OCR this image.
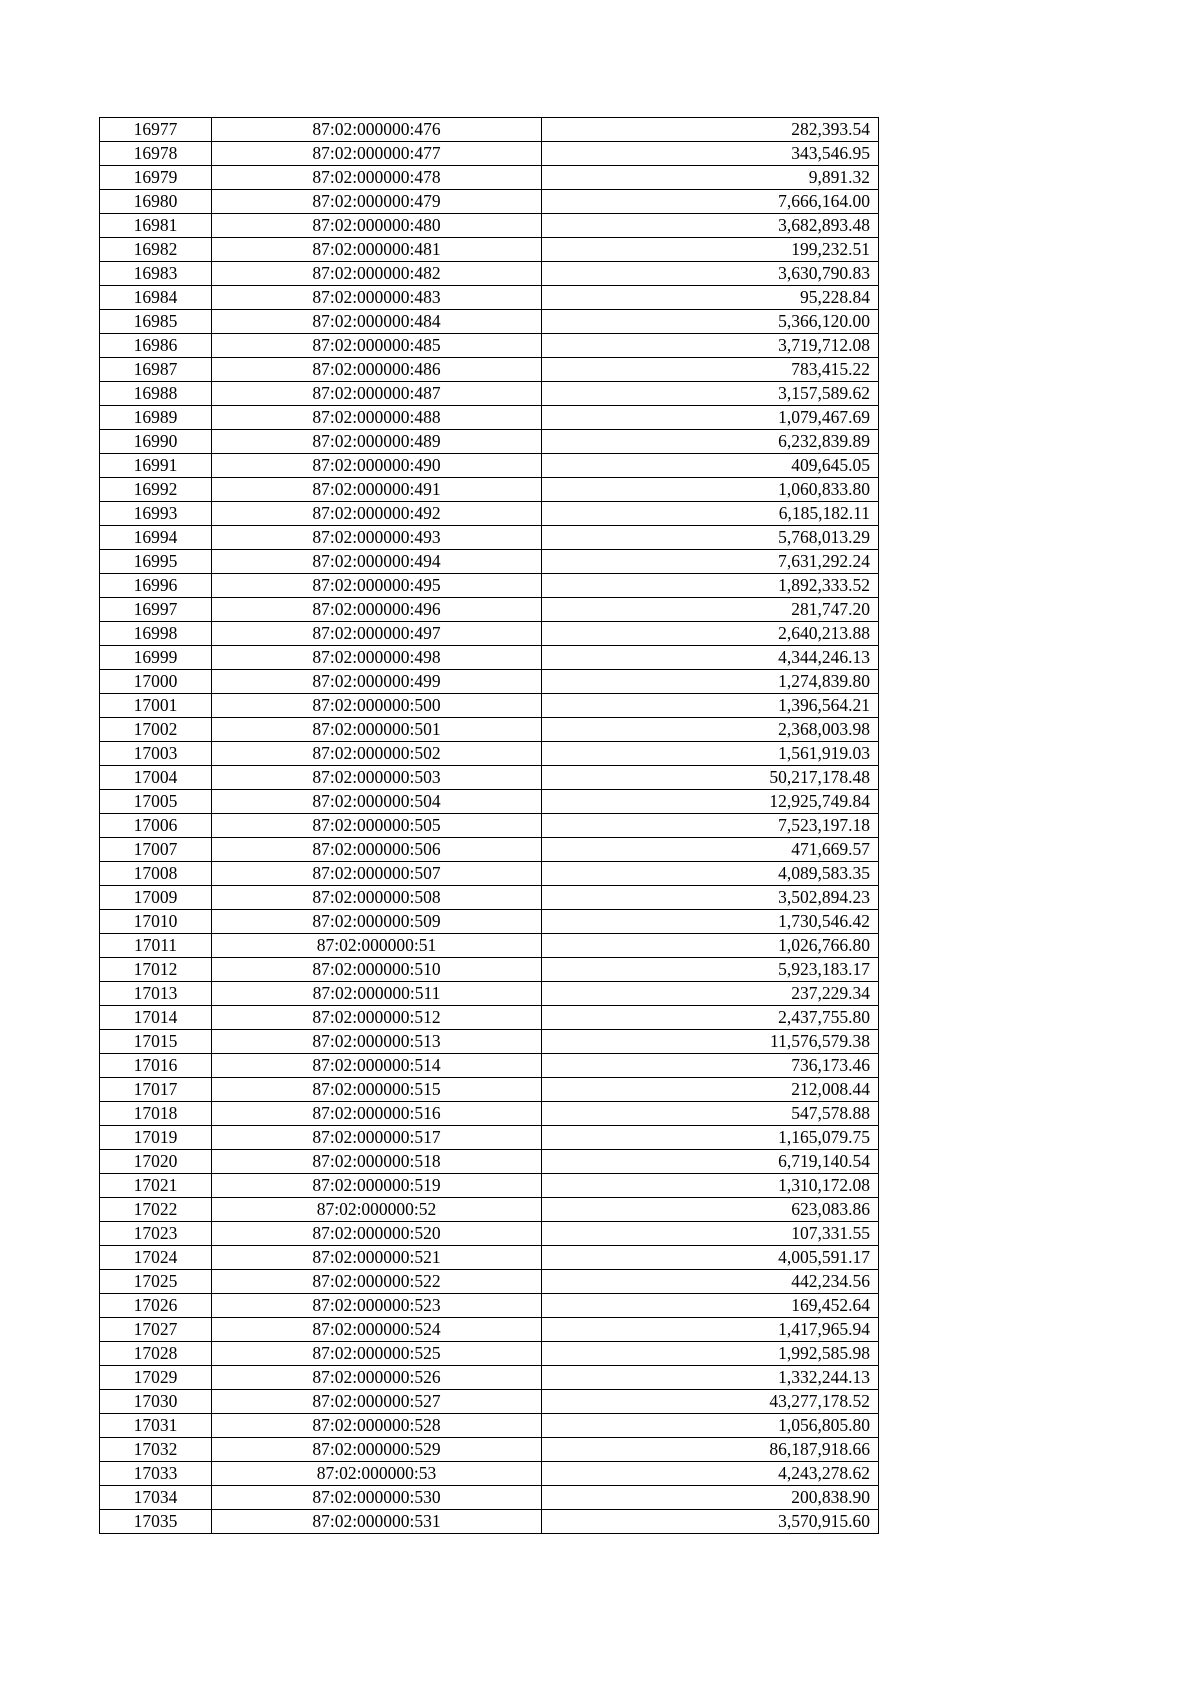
16977	87:02:000000:476	282,393.54
16978	87:02:000000:477	343,546.95
16979	87:02:000000:478	9,891.32
16980	87:02:000000:479	7,666,164.00
16981	87:02:000000:480	3,682,893.48
16982	87:02:000000:481	199,232.51
16983	87:02:000000:482	3,630,790.83
16984	87:02:000000:483	95,228.84
16985	87:02:000000:484	5,366,120.00
16986	87:02:000000:485	3,719,712.08
16987	87:02:000000:486	783,415.22
16988	87:02:000000:487	3,157,589.62
16989	87:02:000000:488	1,079,467.69
16990	87:02:000000:489	6,232,839.89
16991	87:02:000000:490	409,645.05
16992	87:02:000000:491	1,060,833.80
16993	87:02:000000:492	6,185,182.11
16994	87:02:000000:493	5,768,013.29
16995	87:02:000000:494	7,631,292.24
16996	87:02:000000:495	1,892,333.52
16997	87:02:000000:496	281,747.20
16998	87:02:000000:497	2,640,213.88
16999	87:02:000000:498	4,344,246.13
17000	87:02:000000:499	1,274,839.80
17001	87:02:000000:500	1,396,564.21
17002	87:02:000000:501	2,368,003.98
17003	87:02:000000:502	1,561,919.03
17004	87:02:000000:503	50,217,178.48
17005	87:02:000000:504	12,925,749.84
17006	87:02:000000:505	7,523,197.18
17007	87:02:000000:506	471,669.57
17008	87:02:000000:507	4,089,583.35
17009	87:02:000000:508	3,502,894.23
17010	87:02:000000:509	1,730,546.42
17011	87:02:000000:51	1,026,766.80
17012	87:02:000000:510	5,923,183.17
17013	87:02:000000:511	237,229.34
17014	87:02:000000:512	2,437,755.80
17015	87:02:000000:513	11,576,579.38
17016	87:02:000000:514	736,173.46
17017	87:02:000000:515	212,008.44
17018	87:02:000000:516	547,578.88
17019	87:02:000000:517	1,165,079.75
17020	87:02:000000:518	6,719,140.54
17021	87:02:000000:519	1,310,172.08
17022	87:02:000000:52	623,083.86
17023	87:02:000000:520	107,331.55
17024	87:02:000000:521	4,005,591.17
17025	87:02:000000:522	442,234.56
17026	87:02:000000:523	169,452.64
17027	87:02:000000:524	1,417,965.94
17028	87:02:000000:525	1,992,585.98
17029	87:02:000000:526	1,332,244.13
17030	87:02:000000:527	43,277,178.52
17031	87:02:000000:528	1,056,805.80
17032	87:02:000000:529	86,187,918.66
17033	87:02:000000:53	4,243,278.62
17034	87:02:000000:530	200,838.90
17035	87:02:000000:531	3,570,915.60
